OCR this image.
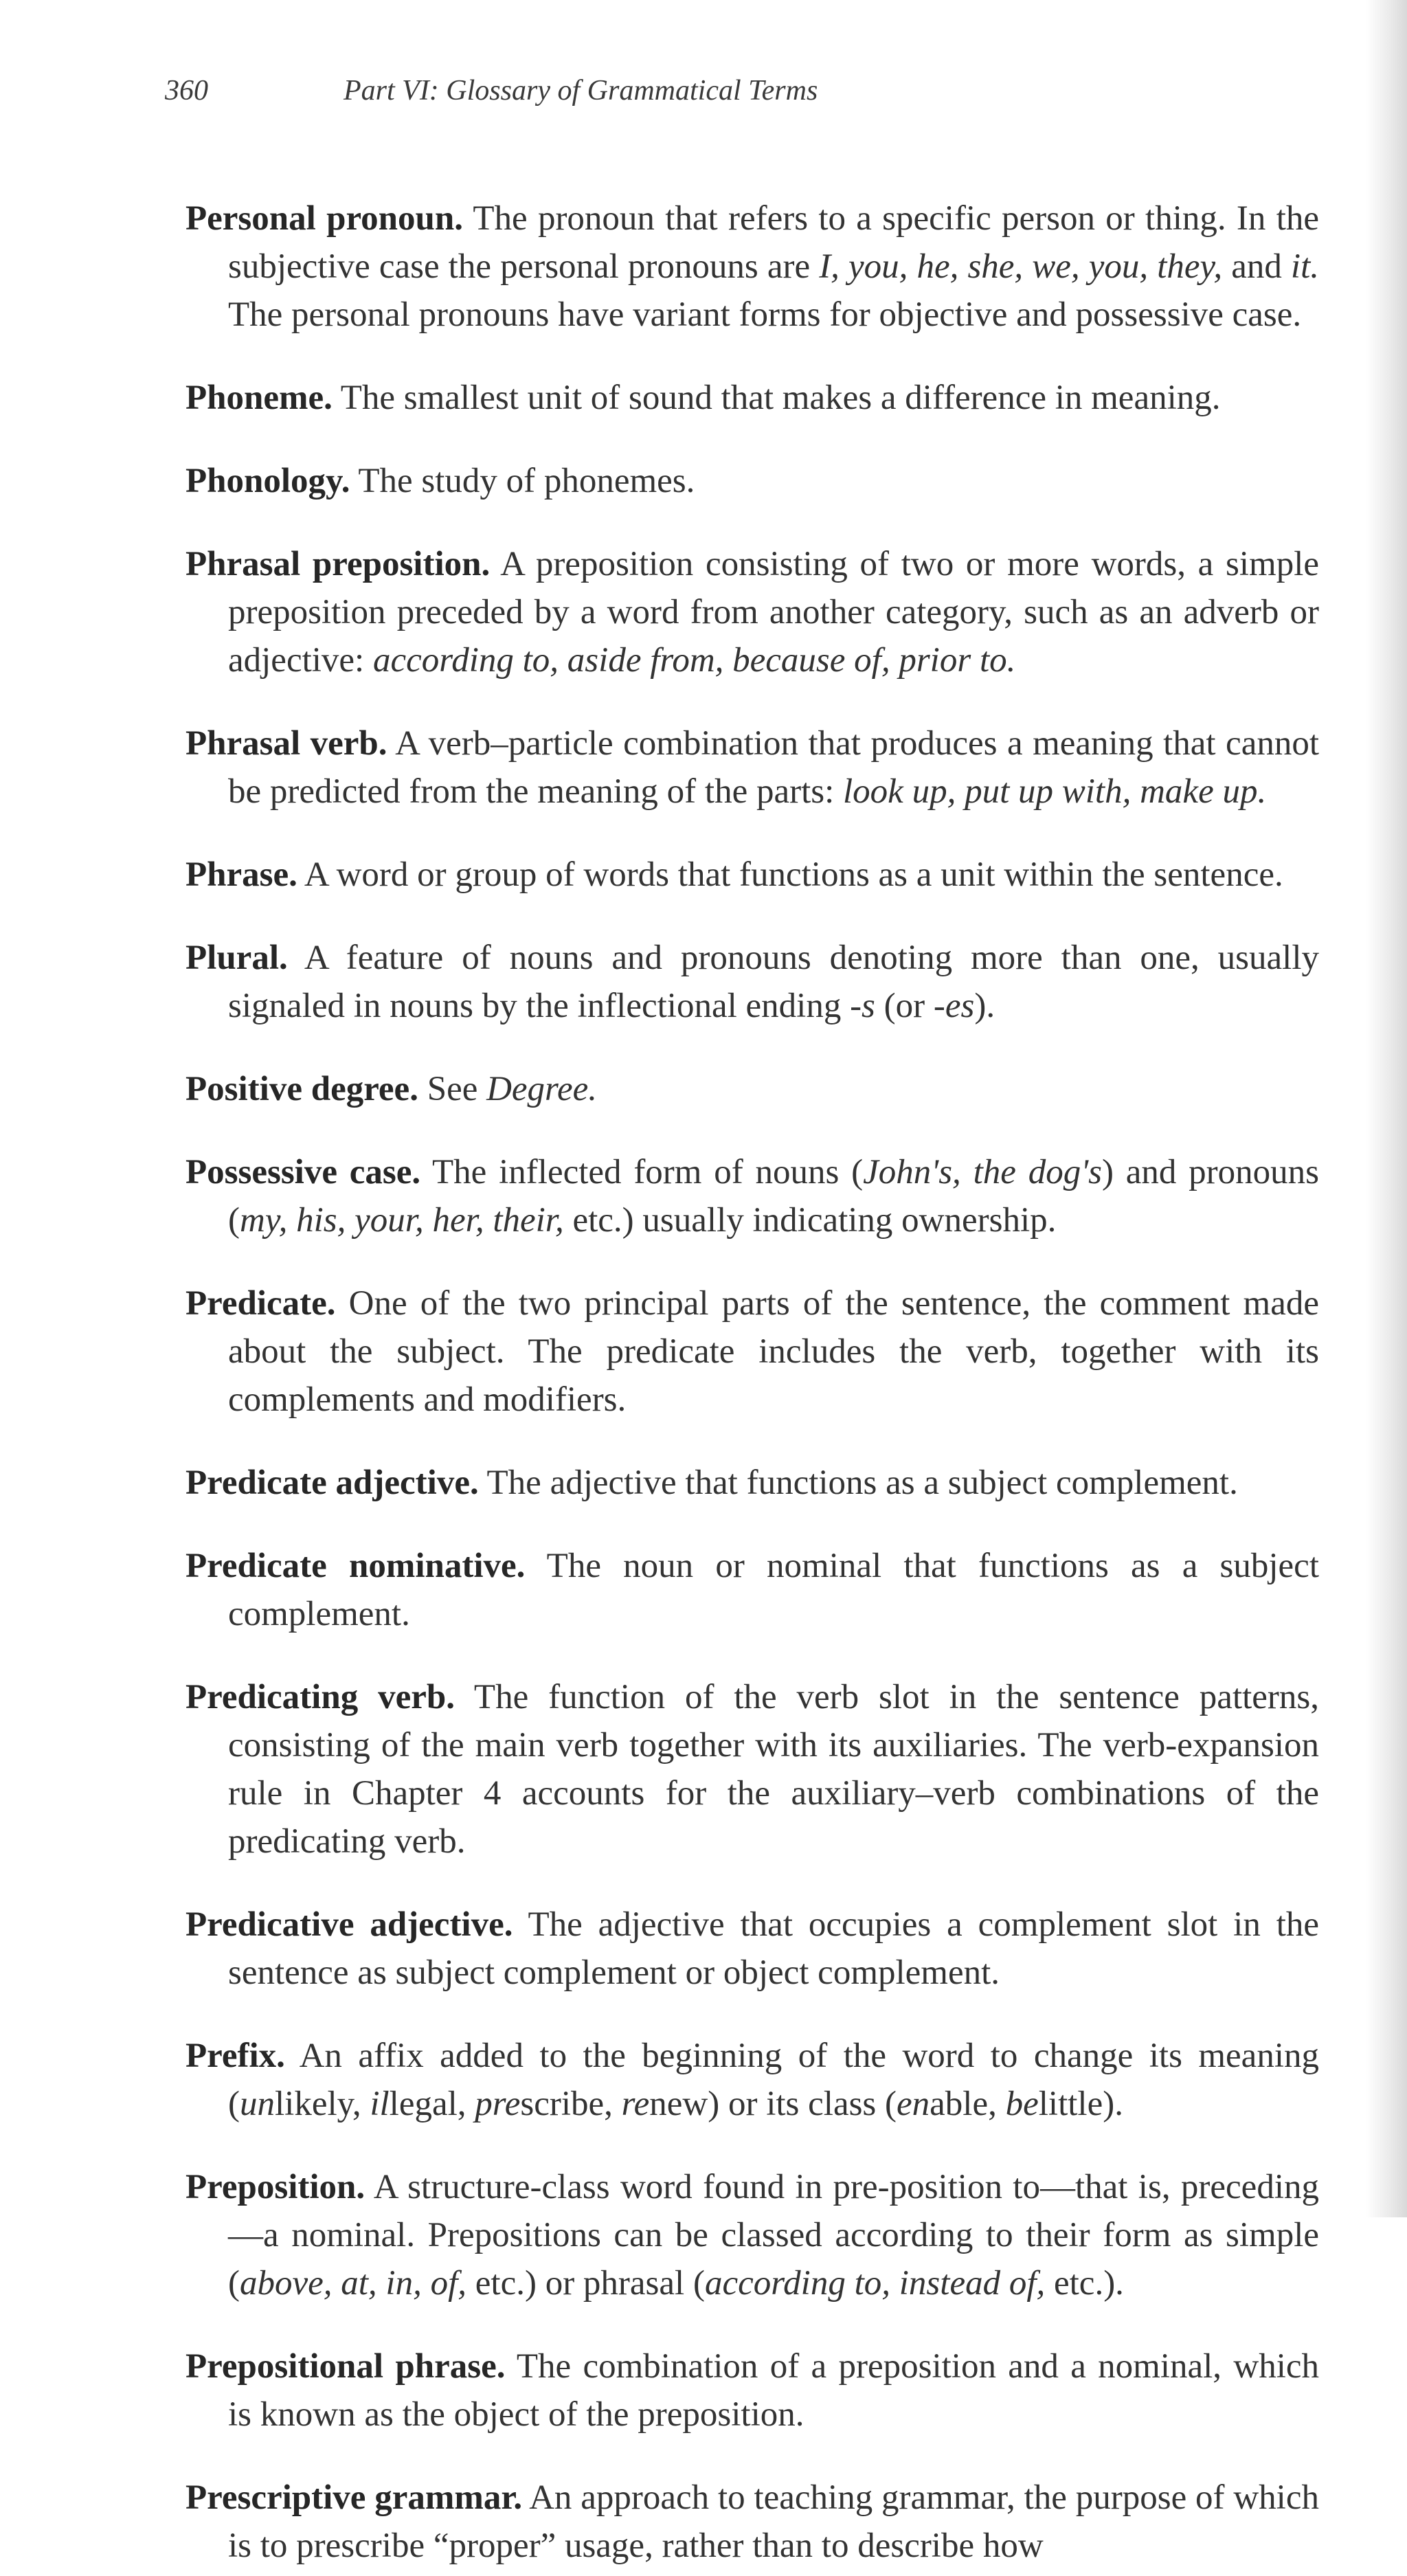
360	Part VI: Glossary of Grammatical Terms

Personal pronoun. The pronoun that refers to a specific person or thing. In the subjective case the personal pronouns are I, you, he, she, we, you, they, and it. The personal pronouns have variant forms for objective and possessive case.

Phoneme. The smallest unit of sound that makes a difference in meaning.

Phonology. The study of phonemes.

Phrasal preposition. A preposition consisting of two or more words, a simple preposition preceded by a word from another category, such as an adverb or adjective: according to, aside from, because of, prior to.

Phrasal verb. A verb–particle combination that produces a meaning that cannot be predicted from the meaning of the parts: look up, put up with, make up.

Phrase. A word or group of words that functions as a unit within the sentence.

Plural. A feature of nouns and pronouns denoting more than one, usually signaled in nouns by the inflectional ending -s (or -es).

Positive degree. See Degree.

Possessive case. The inflected form of nouns (John's, the dog's) and pronouns (my, his, your, her, their, etc.) usually indicating ownership.

Predicate. One of the two principal parts of the sentence, the comment made about the subject. The predicate includes the verb, together with its complements and modifiers.

Predicate adjective. The adjective that functions as a subject complement.

Predicate nominative. The noun or nominal that functions as a subject complement.

Predicating verb. The function of the verb slot in the sentence patterns, consisting of the main verb together with its auxiliaries. The verb-expansion rule in Chapter 4 accounts for the auxiliary–verb combinations of the predicating verb.

Predicative adjective. The adjective that occupies a complement slot in the sentence as subject complement or object complement.

Prefix. An affix added to the beginning of the word to change its meaning (unlikely, illegal, prescribe, renew) or its class (enable, belittle).

Preposition. A structure-class word found in pre-position to—that is, preceding—a nominal. Prepositions can be classed according to their form as simple (above, at, in, of, etc.) or phrasal (according to, instead of, etc.).

Prepositional phrase. The combination of a preposition and a nominal, which is known as the object of the preposition.

Prescriptive grammar. An approach to teaching grammar, the purpose of which is to prescribe “proper” usage, rather than to describe how
